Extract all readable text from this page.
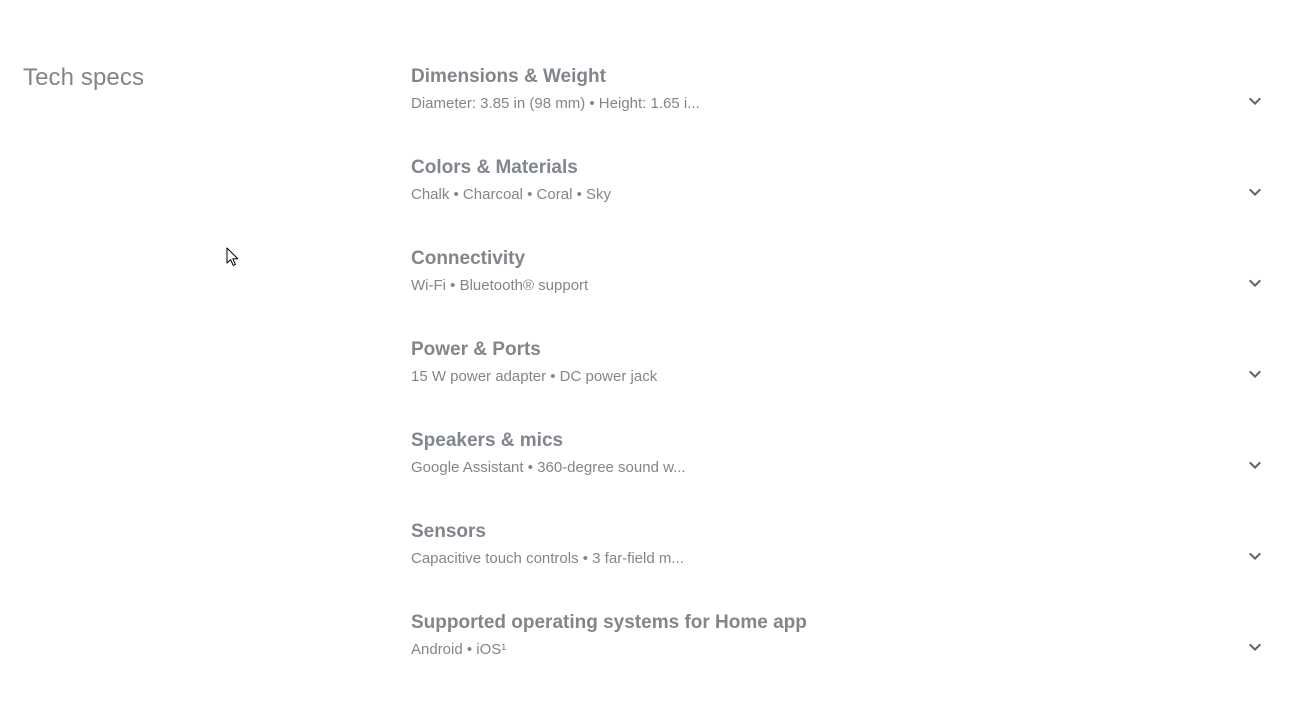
Tech specs	Dimensions & Weight

Diameter: 3.85 in (98 mm) • Height: 1.65 i...

Colors & Materials

Chalk • Charcoal • Coral • Sky

Connectivity

Wi-Fi • Bluetooth® support

Power & Ports

15 W power adapter • DC power jack

Speakers & mics

Google Assistant • 360-degree sound w...

Sensors

Capacitive touch controls • 3 far-field m...

Supported operating systems for Home app

Android • iOS¹
